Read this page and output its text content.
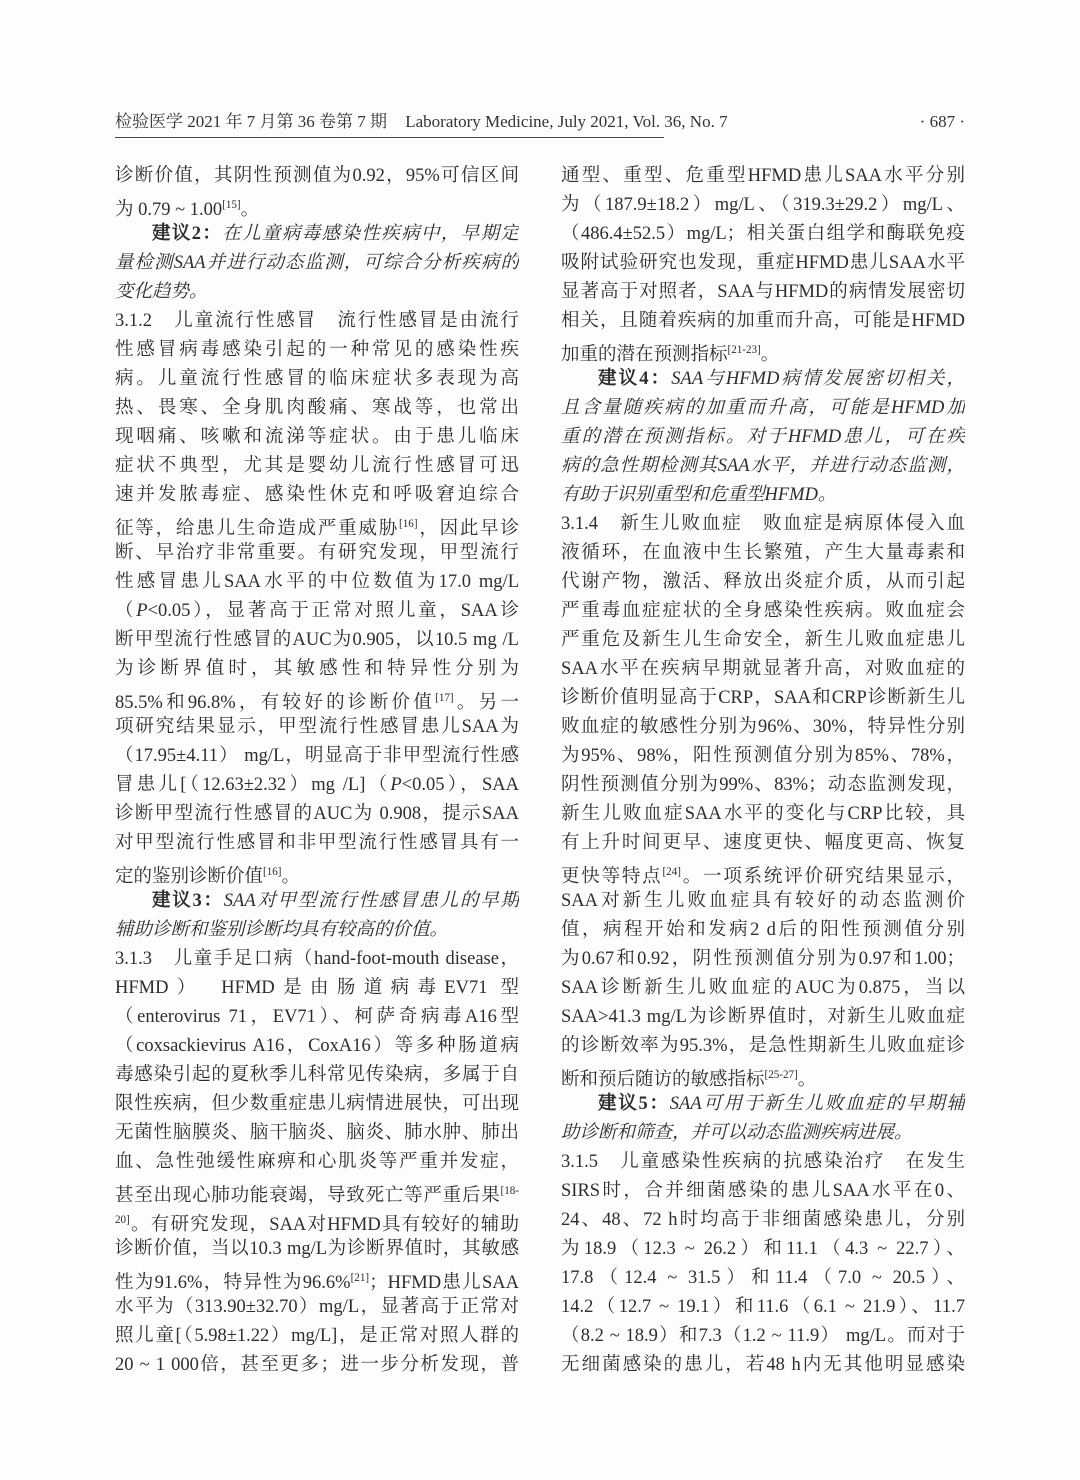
检验医学 2021 年 7 月第 36 卷第 7 期 Laboratory Medicine, July 2021, Vol. 36, No. 7	· 687 ·
诊断价值，其阴性预测值为0.92，95%可信区间
为 0.79 ~ 1.00[15]。
建议2：在儿童病毒感染性疾病中，早期定
量检测SAA并进行动态监测，可综合分析疾病的
变化趋势。
3.1.2　儿童流行性感冒　流行性感冒是由流行
性感冒病毒感染引起的一种常见的感染性疾
病。儿童流行性感冒的临床症状多表现为高
热、畏寒、全身肌肉酸痛、寒战等，也常出
现咽痛、咳嗽和流涕等症状。由于患儿临床
症状不典型，尤其是婴幼儿流行性感冒可迅
速并发脓毒症、感染性休克和呼吸窘迫综合
征等，给患儿生命造成严重威胁[16]，因此早诊
断、早治疗非常重要。有研究发现，甲型流行
性感冒患儿SAA水平的中位数值为17.0 mg/L
（P<0.05），显著高于正常对照儿童，SAA诊
断甲型流行性感冒的AUC为0.905，以10.5 mg /L
为诊断界值时，其敏感性和特异性分别为
85.5%和96.8%，有较好的诊断价值[17]。另一
项研究结果显示，甲型流行性感冒患儿SAA为
（17.95±4.11） mg/L，明显高于非甲型流行性感
冒患儿[（12.63±2.32）mg /L]（P<0.05），SAA
诊断甲型流行性感冒的AUC为 0.908，提示SAA
对甲型流行性感冒和非甲型流行性感冒具有一
定的鉴别诊断价值[16]。
建议3：SAA对甲型流行性感冒患儿的早期
辅助诊断和鉴别诊断均具有较高的价值。
3.1.3　儿童手足口病（hand-foot-mouth disease，
HFMD）　HFMD是由肠道病毒EV71 型
（enterovirus 71，EV71）、柯萨奇病毒A16型
（coxsackievirus A16，CoxA16）等多种肠道病
毒感染引起的夏秋季儿科常见传染病，多属于自
限性疾病，但少数重症患儿病情进展快，可出现
无菌性脑膜炎、脑干脑炎、脑炎、肺水肿、肺出
血、急性弛缓性麻痹和心肌炎等严重并发症，
甚至出现心肺功能衰竭，导致死亡等严重后果$^{[18-}$
$^{20]}$。有研究发现，SAA对HFMD具有较好的辅助
诊断价值，当以10.3 mg/L为诊断界值时，其敏感
性为91.6%，特异性为96.6%[21]；HFMD患儿SAA
水平为（313.90±32.70）mg/L，显著高于正常对
照儿童[（5.98±1.22）mg/L]，是正常对照人群的
20 ~ 1 000倍，甚至更多；进一步分析发现，普
通型、重型、危重型HFMD患儿SAA水平分别
为（187.9±18.2）mg/L、（319.3±29.2）mg/L、
（486.4±52.5）mg/L；相关蛋白组学和酶联免疫
吸附试验研究也发现，重症HFMD患儿SAA水平
显著高于对照者，SAA与HFMD的病情发展密切
相关，且随着疾病的加重而升高，可能是HFMD
加重的潜在预测指标[21-23]。
建议4：SAA与HFMD病情发展密切相关，
且含量随疾病的加重而升高，可能是HFMD加
重的潜在预测指标。对于HFMD患儿，可在疾
病的急性期检测其SAA水平，并进行动态监测，
有助于识别重型和危重型HFMD。
3.1.4　新生儿败血症　败血症是病原体侵入血
液循环，在血液中生长繁殖，产生大量毒素和
代谢产物，激活、释放出炎症介质，从而引起
严重毒血症症状的全身感染性疾病。败血症会
严重危及新生儿生命安全，新生儿败血症患儿
SAA水平在疾病早期就显著升高，对败血症的
诊断价值明显高于CRP，SAA和CRP诊断新生儿
败血症的敏感性分别为96%、30%，特异性分别
为95%、98%，阳性预测值分别为85%、78%，
阴性预测值分别为99%、83%；动态监测发现，
新生儿败血症SAA水平的变化与CRP比较，具
有上升时间更早、速度更快、幅度更高、恢复
更快等特点[24]。一项系统评价研究结果显示，
SAA对新生儿败血症具有较好的动态监测价
值，病程开始和发病2 d后的阳性预测值分别
为0.67和0.92，阴性预测值分别为0.97和1.00；
SAA诊断新生儿败血症的AUC为0.875，当以
SAA>41.3 mg/L为诊断界值时，对新生儿败血症
的诊断效率为95.3%，是急性期新生儿败血症诊
断和预后随访的敏感指标[25-27]。
建议5：SAA可用于新生儿败血症的早期辅
助诊断和筛查，并可以动态监测疾病进展。
3.1.5　儿童感染性疾病的抗感染治疗　在发生
SIRS时，合并细菌感染的患儿SAA水平在0、
24、48、72 h时均高于非细菌感染患儿，分别
为18.9（12.3 ~ 26.2）和11.1（4.3 ~ 22.7）、
17.8（12.4 ~ 31.5）和11.4（7.0 ~ 20.5）、
14.2（12.7 ~ 19.1）和11.6（6.1 ~ 21.9）、11.7
（8.2 ~ 18.9）和7.3（1.2 ~ 11.9） mg/L。而对于
无细菌感染的患儿，若48 h内无其他明显感染
